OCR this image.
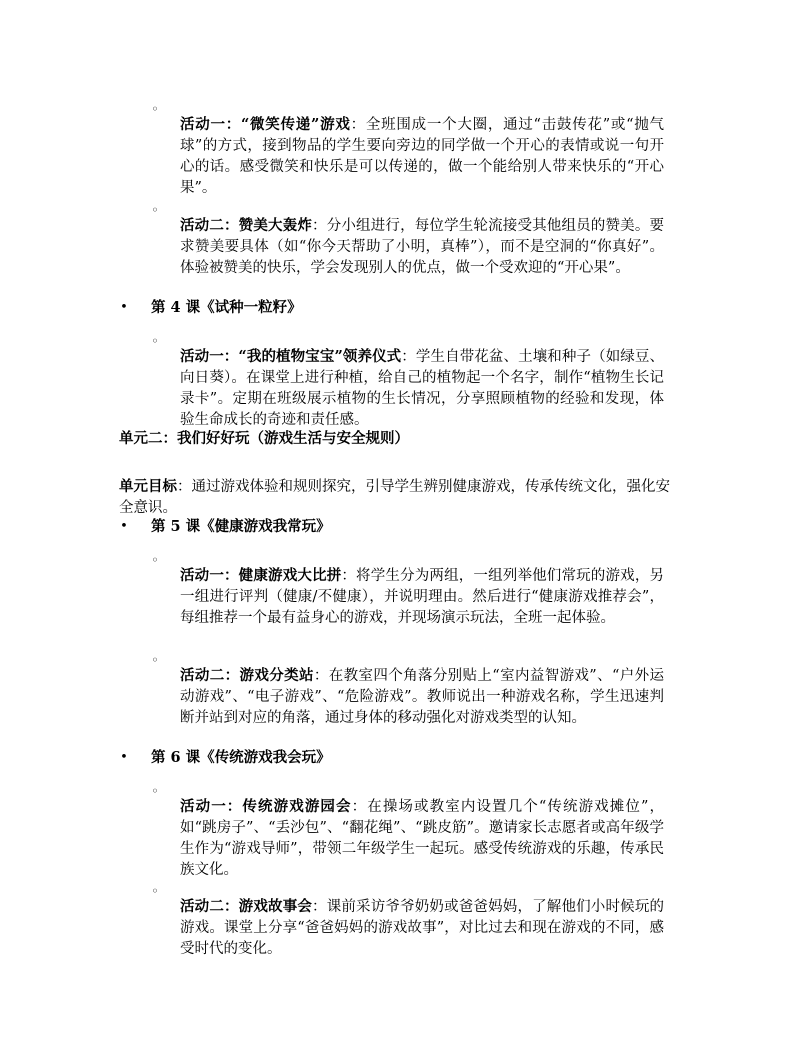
◦

活动一：“微笑传递”游戏：全班围成一个大圈，通过“击鼓传花”或“抛气球”的方式，接到物品的学生要向旁边的同学做一个开心的表情或说一句开心的话。感受微笑和快乐是可以传递的，做一个能给别人带来快乐的“开心果”。

◦

活动二：赞美大轰炸：分小组进行，每位学生轮流接受其他组员的赞美。要求赞美要具体（如“你今天帮助了小明，真棒”），而不是空洞的“你真好”。体验被赞美的快乐，学会发现别人的优点，做一个受欢迎的“开心果”。

• 第 4 课《试种一粒籽》
◦

活动一：“我的植物宝宝”领养仪式：学生自带花盆、土壤和种子（如绿豆、向日葵）。在课堂上进行种植，给自己的植物起一个名字，制作“植物生长记录卡”。定期在班级展示植物的生长情况，分享照顾植物的经验和发现，体验生命成长的奇迹和责任感。

单元二：我们好好玩（游戏生活与安全规则）

单元目标：通过游戏体验和规则探究，引导学生辨别健康游戏，传承传统文化，强化安全意识。

• 第 5 课《健康游戏我常玩》
◦

活动一：健康游戏大比拼：将学生分为两组，一组列举他们常玩的游戏，另一组进行评判（健康/不健康），并说明理由。然后进行“健康游戏推荐会”，每组推荐一个最有益身心的游戏，并现场演示玩法，全班一起体验。

◦

活动二：游戏分类站：在教室四个角落分别贴上“室内益智游戏”、“户外运动游戏”、“电子游戏”、“危险游戏”。教师说出一种游戏名称，学生迅速判断并站到对应的角落，通过身体的移动强化对游戏类型的认知。

• 第 6 课《传统游戏我会玩》
◦

活动一：传统游戏游园会：在操场或教室内设置几个“传统游戏摊位”，如“跳房子”、“丢沙包”、“翻花绳”、“跳皮筋”。邀请家长志愿者或高年级学生作为“游戏导师”，带领二年级学生一起玩。感受传统游戏的乐趣，传承民族文化。

◦

活动二：游戏故事会：课前采访爷爷奶奶或爸爸妈妈，了解他们小时候玩的游戏。课堂上分享“爸爸妈妈的游戏故事”，对比过去和现在游戏的不同，感受时代的变化。
